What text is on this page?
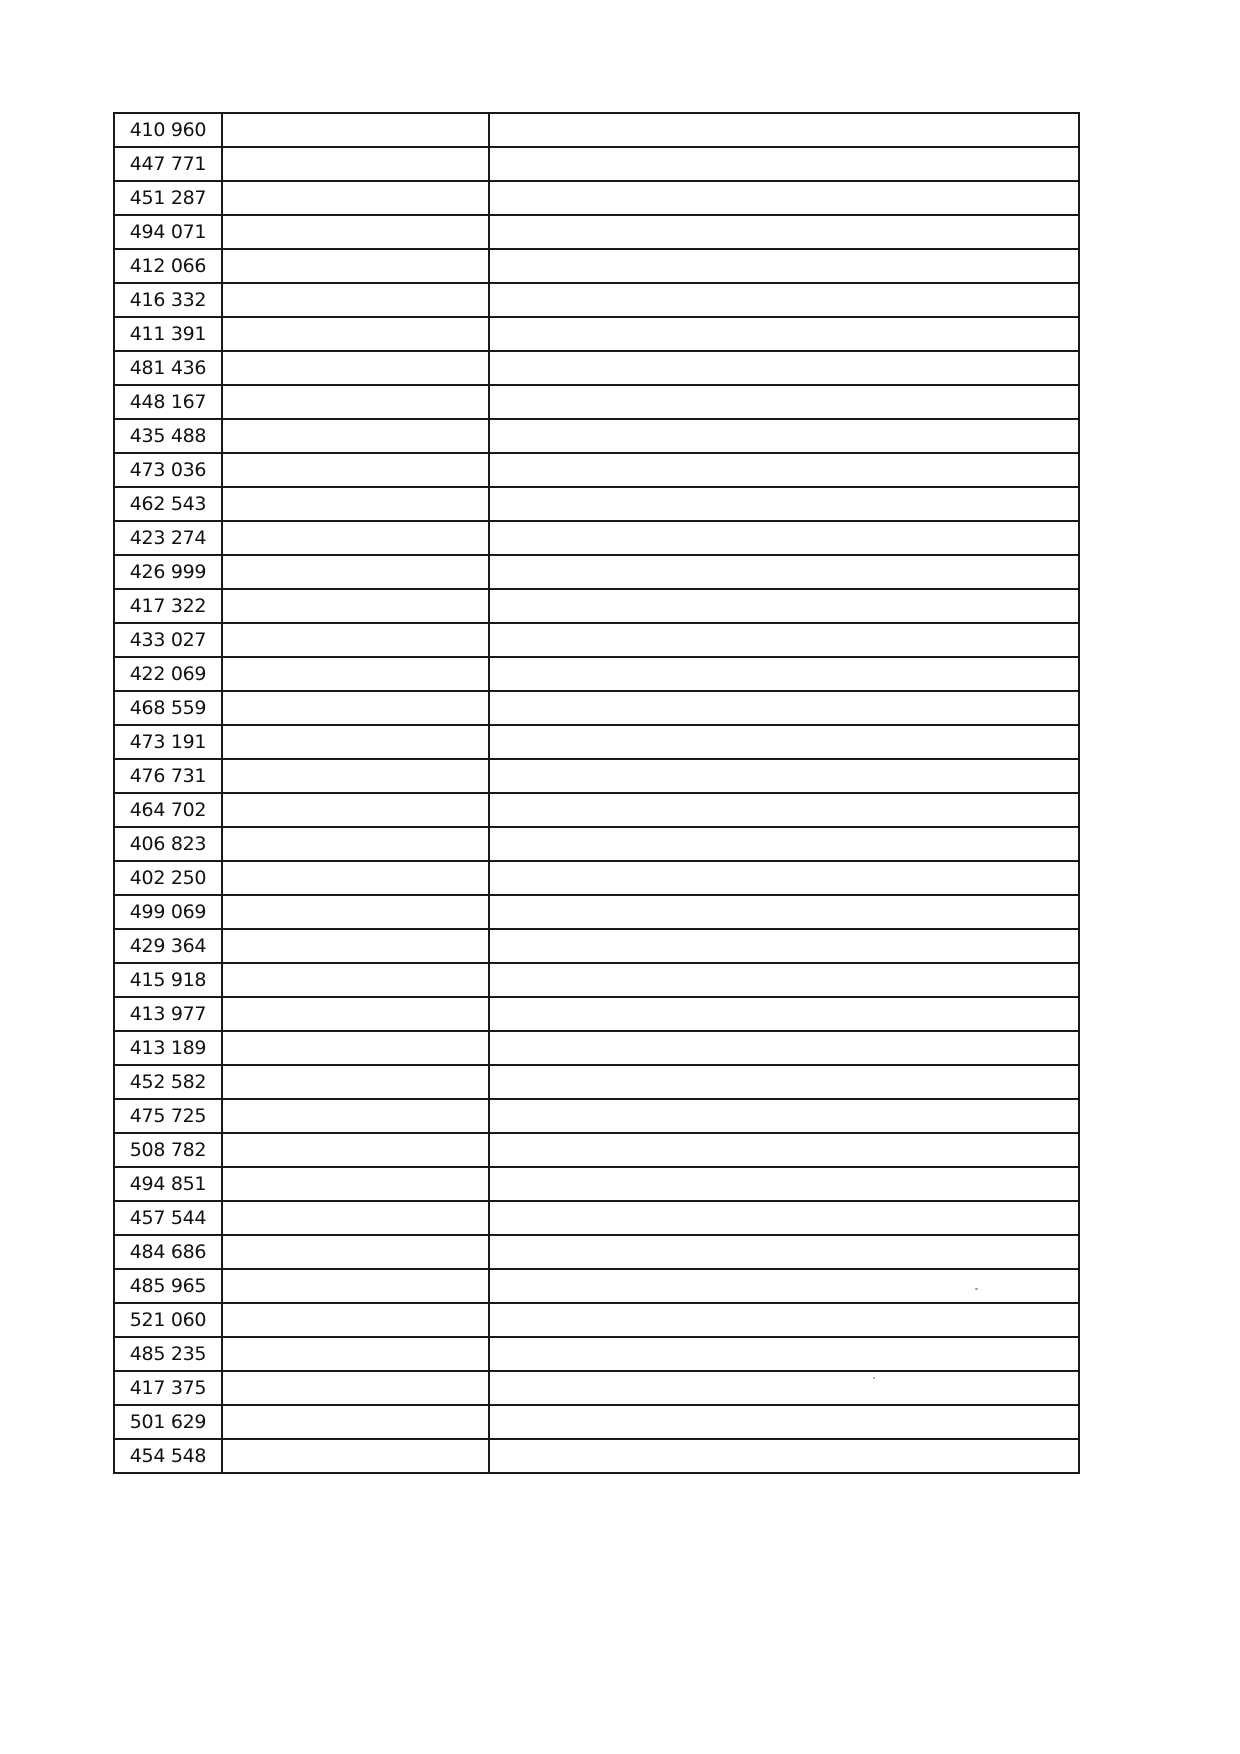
410 960		
447 771		
451 287		
494 071		
412 066		
416 332		
411 391		
481 436		
448 167		
435 488		
473 036		
462 543		
423 274		
426 999		
417 322		
433 027		
422 069		
468 559		
473 191		
476 731		
464 702		
406 823		
402 250		
499 069		
429 364		
415 918		
413 977		
413 189		
452 582		
475 725		
508 782		
494 851		
457 544		
484 686		
485 965		
521 060		
485 235		
417 375		
501 629		
454 548		
